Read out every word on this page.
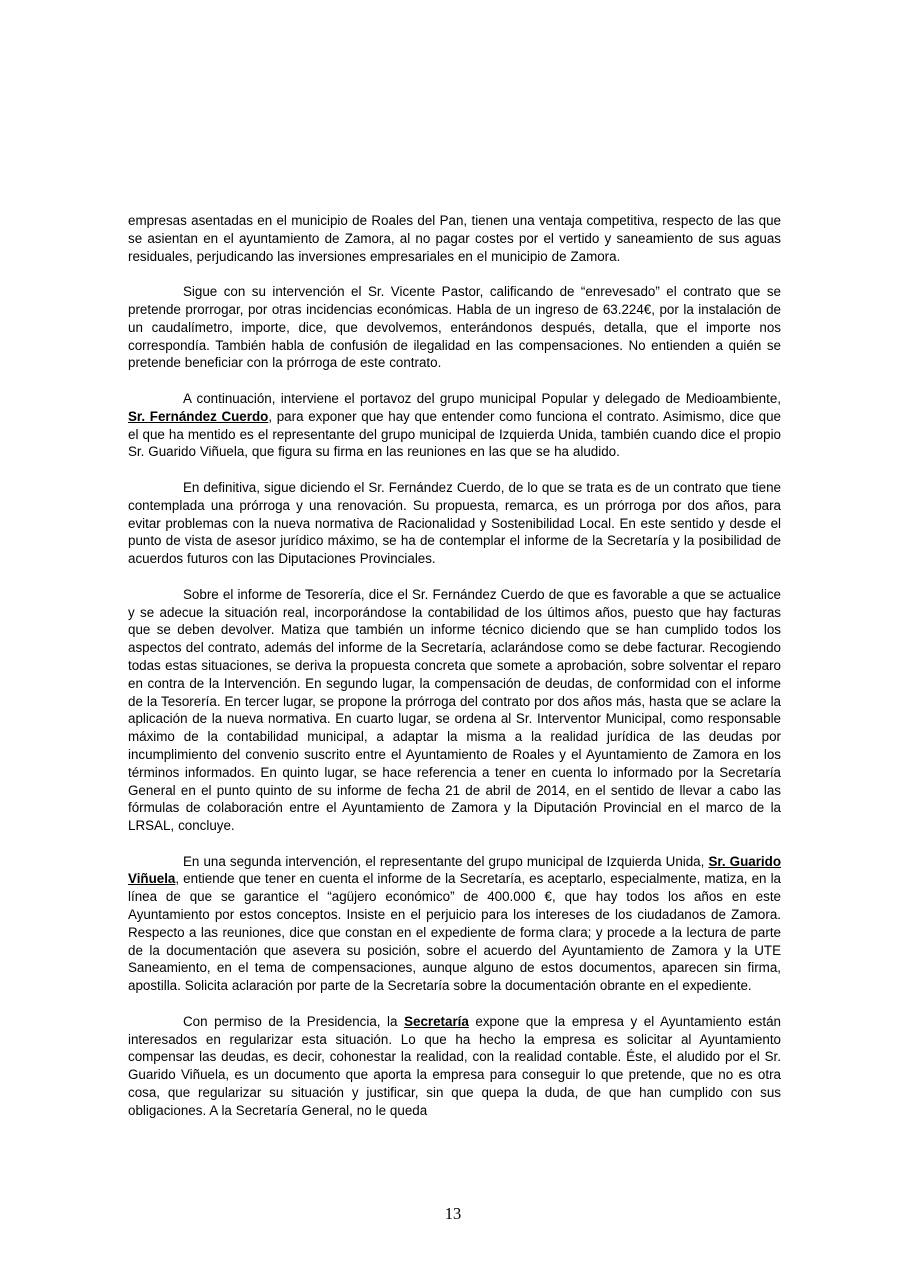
empresas asentadas en el municipio de Roales del Pan, tienen una ventaja competitiva, respecto de las que se asientan en el ayuntamiento de Zamora, al no pagar costes por el vertido y saneamiento de sus aguas residuales, perjudicando las inversiones empresariales en el municipio de Zamora.

Sigue con su intervención el Sr. Vicente Pastor, calificando de “enrevesado” el contrato que se pretende prorrogar, por otras incidencias económicas. Habla de un ingreso de 63.224€, por la instalación de un caudalímetro, importe, dice, que devolvemos, enterándonos después, detalla, que el importe nos correspondía. También habla de confusión de ilegalidad en las compensaciones. No entienden a quién se pretende beneficiar con la prórroga de este contrato.

A continuación, interviene el portavoz del grupo municipal Popular y delegado de Medioambiente, Sr. Fernández Cuerdo, para exponer que hay que entender como funciona el contrato. Asimismo, dice que el que ha mentido es el representante del grupo municipal de Izquierda Unida, también cuando dice el propio Sr. Guarido Viñuela, que figura su firma en las reuniones en las que se ha aludido.

En definitiva, sigue diciendo el Sr. Fernández Cuerdo, de lo que se trata es de un contrato que tiene contemplada una prórroga y una renovación. Su propuesta, remarca, es un prórroga por dos años, para evitar problemas con la nueva normativa de Racionalidad y Sostenibilidad Local. En este sentido y desde el punto de vista de asesor jurídico máximo, se ha de contemplar el informe de la Secretaría y la posibilidad de acuerdos futuros con las Diputaciones Provinciales.

Sobre el informe de Tesorería, dice el Sr. Fernández Cuerdo de que es favorable a que se actualice y se adecue la situación real, incorporándose la contabilidad de los últimos años, puesto que hay facturas que se deben devolver. Matiza que también un informe técnico diciendo que se han cumplido todos los aspectos del contrato, además del informe de la Secretaría, aclarándose como se debe facturar. Recogiendo todas estas situaciones, se deriva la propuesta concreta que somete a aprobación, sobre solventar el reparo en contra de la Intervención. En segundo lugar, la compensación de deudas, de conformidad con el informe de la Tesorería. En tercer lugar, se propone la prórroga del contrato por dos años más, hasta que se aclare la aplicación de la nueva normativa. En cuarto lugar, se ordena al Sr. Interventor Municipal, como responsable máximo de la contabilidad municipal, a adaptar la misma a la realidad jurídica de las deudas por incumplimiento del convenio suscrito entre el Ayuntamiento de Roales y el Ayuntamiento de Zamora en los términos informados. En quinto lugar, se hace referencia a tener en cuenta lo informado por la Secretaría General en el punto quinto de su informe de fecha 21 de abril de 2014, en el sentido de llevar a cabo las fórmulas de colaboración entre el Ayuntamiento de Zamora y la Diputación Provincial en el marco de la LRSAL, concluye.

En una segunda intervención, el representante del grupo municipal de Izquierda Unida, Sr. Guarido Viñuela, entiende que tener en cuenta el informe de la Secretaría, es aceptarlo, especialmente, matiza, en la línea de que se garantice el “agüjero económico” de 400.000 €, que hay todos los años en este Ayuntamiento por estos conceptos. Insiste en el perjuicio para los intereses de los ciudadanos de Zamora. Respecto a las reuniones, dice que constan en el expediente de forma clara; y procede a la lectura de parte de la documentación que asevera su posición, sobre el acuerdo del Ayuntamiento de Zamora y la UTE Saneamiento, en el tema de compensaciones, aunque alguno de estos documentos, aparecen sin firma, apostilla. Solicita aclaración por parte de la Secretaría sobre la documentación obrante en el expediente.

Con permiso de la Presidencia, la Secretaría expone que la empresa y el Ayuntamiento están interesados en regularizar esta situación. Lo que ha hecho la empresa es solicitar al Ayuntamiento compensar las deudas, es decir, cohonestar la realidad, con la realidad contable. Éste, el aludido por el Sr. Guarido Viñuela, es un documento que aporta la empresa para conseguir lo que pretende, que no es otra cosa, que regularizar su situación y justificar, sin que quepa la duda, de que han cumplido con sus obligaciones. A la Secretaría General, no le queda

13
